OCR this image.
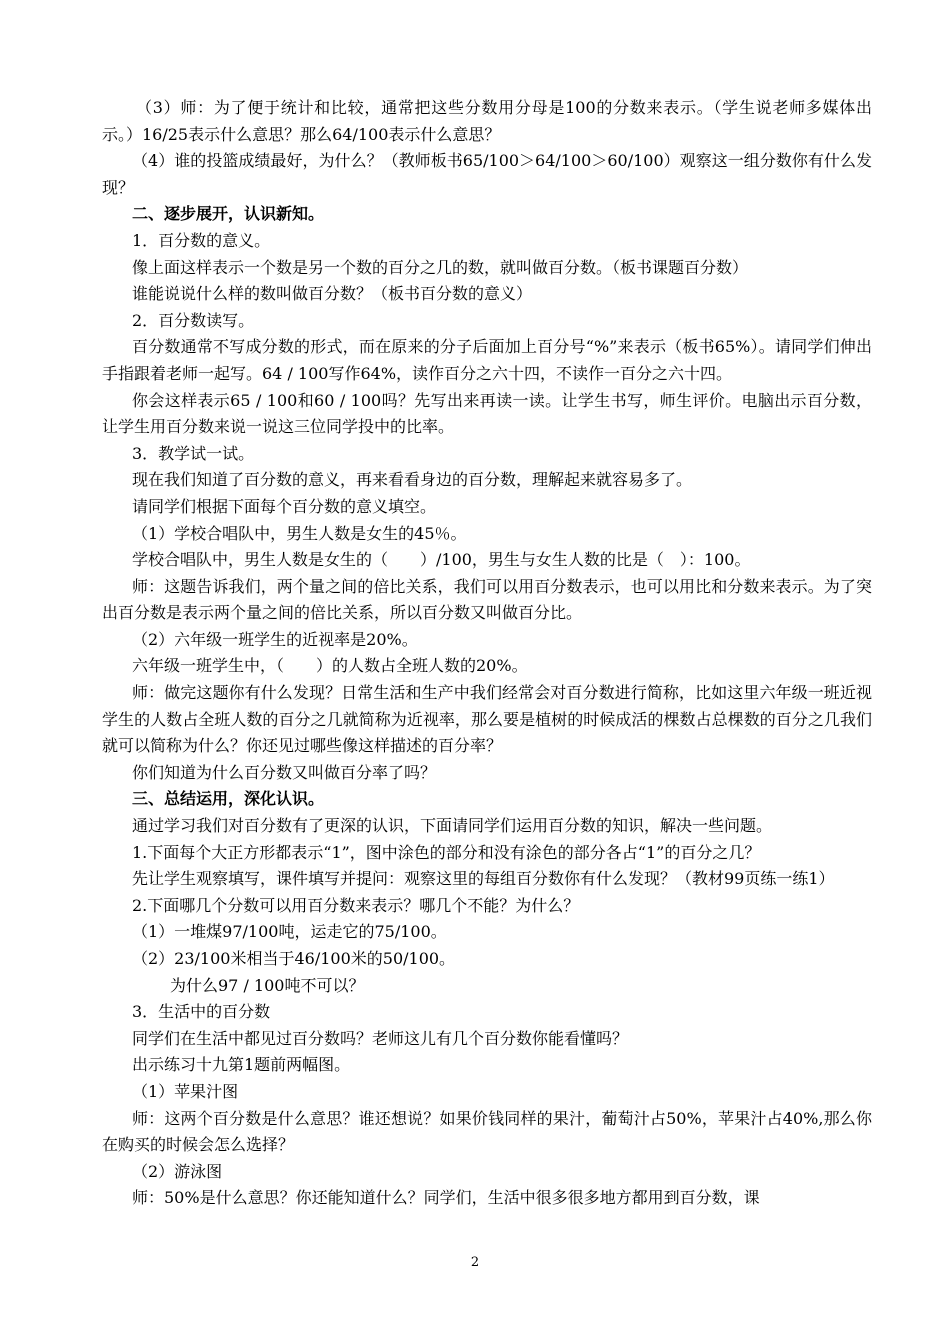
（3）师：为了便于统计和比较，通常把这些分数用分母是100的分数来表示。（学生说老师多媒体出示。）16/25表示什么意思？那么64/100表示什么意思？

（4）谁的投篮成绩最好，为什么？（教师板书65/100＞64/100＞60/100）观察这一组分数你有什么发现？

二、逐步展开，认识新知。

1．百分数的意义。

像上面这样表示一个数是另一个数的百分之几的数，就叫做百分数。（板书课题百分数）

谁能说说什么样的数叫做百分数？（板书百分数的意义）

2．百分数读写。

百分数通常不写成分数的形式，而在原来的分子后面加上百分号“%”来表示（板书65%）。请同学们伸出手指跟着老师一起写。64 / 100写作64%，读作百分之六十四，不读作一百分之六十四。

你会这样表示65 / 100和60 / 100吗？先写出来再读一读。让学生书写，师生评价。电脑出示百分数，让学生用百分数来说一说这三位同学投中的比率。

3．教学试一试。

现在我们知道了百分数的意义，再来看看身边的百分数，理解起来就容易多了。

请同学们根据下面每个百分数的意义填空。

（1）学校合唱队中，男生人数是女生的45％。

学校合唱队中，男生人数是女生的（　　）/100，男生与女生人数的比是（　）：100。

师：这题告诉我们，两个量之间的倍比关系，我们可以用百分数表示，也可以用比和分数来表示。为了突出百分数是表示两个量之间的倍比关系，所以百分数又叫做百分比。

（2）六年级一班学生的近视率是20%。

六年级一班学生中，（　　）的人数占全班人数的20%。

师：做完这题你有什么发现？日常生活和生产中我们经常会对百分数进行简称，比如这里六年级一班近视学生的人数占全班人数的百分之几就简称为近视率，那么要是植树的时候成活的棵数占总棵数的百分之几我们就可以简称为什么？你还见过哪些像这样描述的百分率？

你们知道为什么百分数又叫做百分率了吗？

三、总结运用，深化认识。

通过学习我们对百分数有了更深的认识，下面请同学们运用百分数的知识，解决一些问题。

1.下面每个大正方形都表示“1”，图中涂色的部分和没有涂色的部分各占“1”的百分之几？

先让学生观察填写，课件填写并提问：观察这里的每组百分数你有什么发现？（教材99页练一练1）

2.下面哪几个分数可以用百分数来表示？哪几个不能？为什么？

（1）一堆煤97/100吨，运走它的75/100。

（2）23/100米相当于46/100米的50/100。

为什么97 / 100吨不可以？

3．生活中的百分数

同学们在生活中都见过百分数吗？老师这儿有几个百分数你能看懂吗？

出示练习十九第1题前两幅图。

（1）苹果汁图

师：这两个百分数是什么意思？谁还想说？如果价钱同样的果汁，葡萄汁占50%，苹果汁占40%,那么你在购买的时候会怎么选择？

（2）游泳图

师：50%是什么意思？你还能知道什么？同学们，生活中很多很多地方都用到百分数，课

2
